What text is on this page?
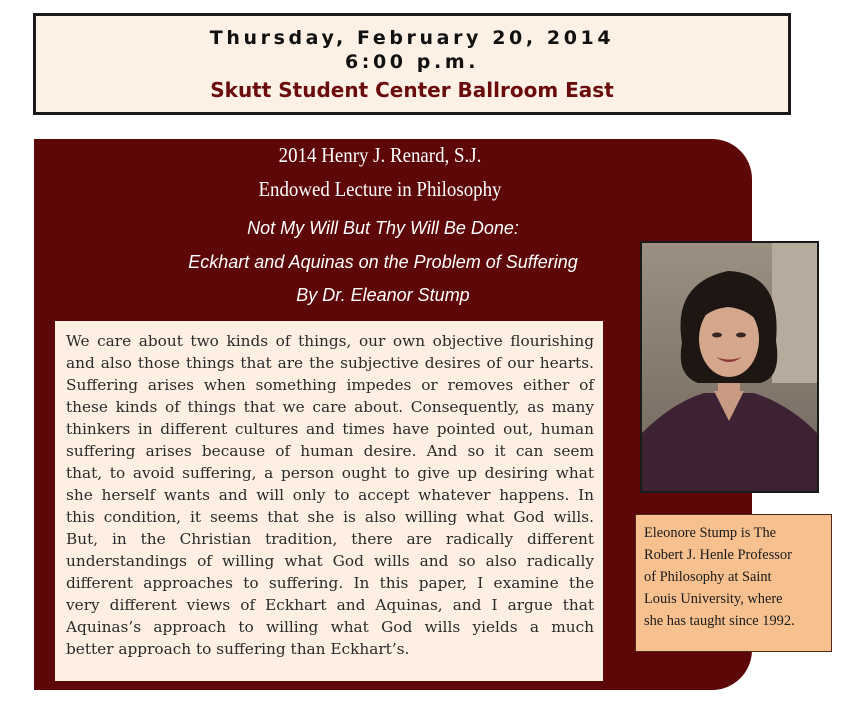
Thursday, February 20, 2014
6:00 p.m.
Skutt Student Center Ballroom East
2014 Henry J. Renard, S.J.
Endowed Lecture in Philosophy
Not My Will But Thy Will Be Done:
Eckhart and Aquinas on the Problem of Suffering
By Dr. Eleanor Stump
We care about two kinds of things, our own objective flourishing
and also those things that are the subjective desires of our hearts.
Suffering arises when something impedes or removes either of
these kinds of things that we care about. Consequently, as many
thinkers in different cultures and times have pointed out, human
suffering arises because of human desire. And so it can seem
that, to avoid suffering, a person ought to give up desiring what
she herself wants and will only to accept whatever happens. In
this condition, it seems that she is also willing what God wills.
But, in the Christian tradition, there are radically different
understandings of willing what God wills and so also radically
different approaches to suffering. In this paper, I examine the
very different views of Eckhart and Aquinas, and I argue that
Aquinas’s approach to willing what God wills yields a much
better approach to suffering than Eckhart’s.
Eleonore Stump is The
Robert J. Henle Professor
of Philosophy at Saint
Louis University, where
she has taught since 1992.
